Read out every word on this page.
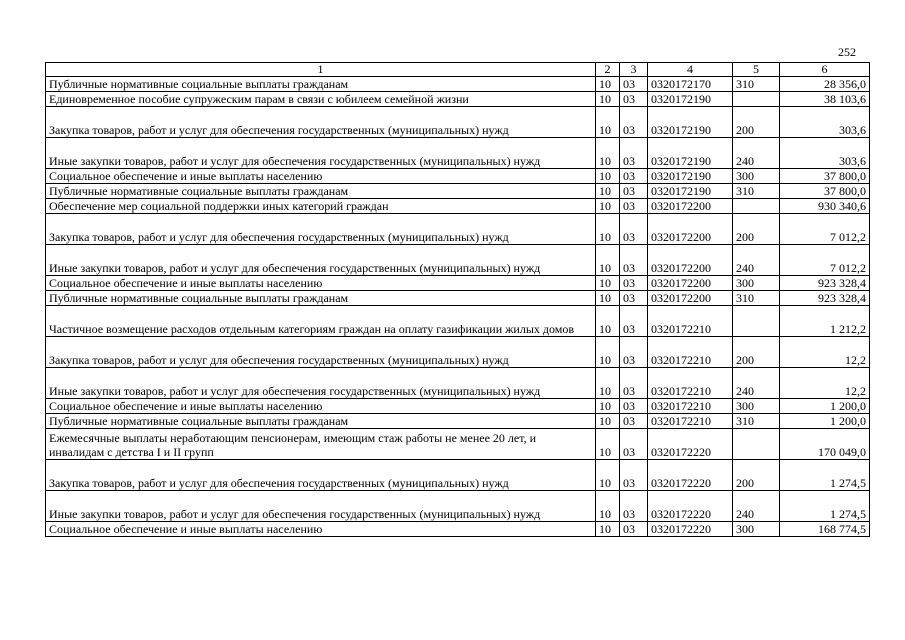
252
1	2	3	4	5	6
Публичные нормативные социальные выплаты гражданам	10	03	0320172170	310	28 356,0
Единовременное пособие супружеским парам в связи с юбилеем семейной жизни	10	03	0320172190		38 103,6
Закупка товаров, работ и услуг для обеспечения государственных (муниципальных) нужд	10	03	0320172190	200	303,6
Иные закупки товаров, работ и услуг для обеспечения государственных (муниципальных) нужд	10	03	0320172190	240	303,6
Социальное обеспечение и иные выплаты населению	10	03	0320172190	300	37 800,0
Публичные нормативные социальные выплаты гражданам	10	03	0320172190	310	37 800,0
Обеспечение мер социальной поддержки иных категорий граждан	10	03	0320172200		930 340,6
Закупка товаров, работ и услуг для обеспечения государственных (муниципальных) нужд	10	03	0320172200	200	7 012,2
Иные закупки товаров, работ и услуг для обеспечения государственных (муниципальных) нужд	10	03	0320172200	240	7 012,2
Социальное обеспечение и иные выплаты населению	10	03	0320172200	300	923 328,4
Публичные нормативные социальные выплаты гражданам	10	03	0320172200	310	923 328,4
Частичное возмещение расходов отдельным категориям граждан на оплату газификации жилых домов	10	03	0320172210		1 212,2
Закупка товаров, работ и услуг для обеспечения государственных (муниципальных) нужд	10	03	0320172210	200	12,2
Иные закупки товаров, работ и услуг для обеспечения государственных (муниципальных) нужд	10	03	0320172210	240	12,2
Социальное обеспечение и иные выплаты населению	10	03	0320172210	300	1 200,0
Публичные нормативные социальные выплаты гражданам	10	03	0320172210	310	1 200,0
Ежемесячные выплаты неработающим пенсионерам, имеющим стаж работы не менее 20 лет, и инвалидам с детства I и II групп	10	03	0320172220		170 049,0
Закупка товаров, работ и услуг для обеспечения государственных (муниципальных) нужд	10	03	0320172220	200	1 274,5
Иные закупки товаров, работ и услуг для обеспечения государственных (муниципальных) нужд	10	03	0320172220	240	1 274,5
Социальное обеспечение и иные выплаты населению	10	03	0320172220	300	168 774,5
